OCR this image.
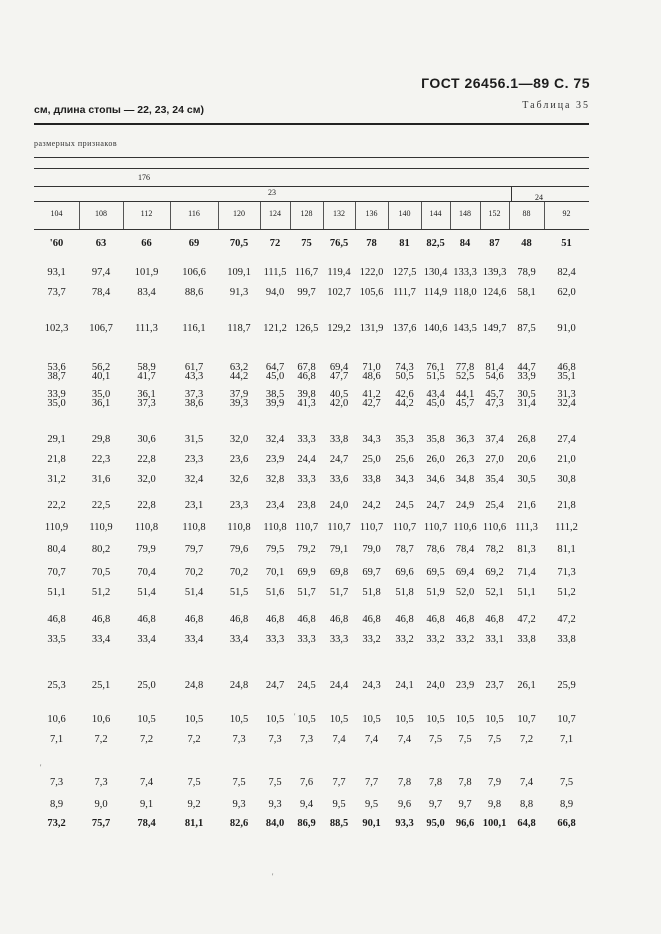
ГОСТ 26456.1—89 С. 75
Таблица 35
см, длина стопы — 22, 23, 24 см)
размерных признаков
176
23
24
104	108	112	116	120	124	128	132	136	140	144	148	152	88	92
'60	63	66	69	70,5	72	75	76,5	78	81	82,5	84	87	48	51
93,1	97,4	101,9	106,6	109,1	111,5 116,7 119,4 122,0 127,5 130,4 133,3 139,3	78,9	82,4
73,7	78,4	83,4	88,6	91,3	94,0	99,7	102,7 105,6 111,7 114,9 118,0 124,6	58,1	62,0
102,3	106,7	111,3	116,1	118,7	121,2 126,5 129,2 131,9 137,6 140,6 143,5 149,7	87,5	91,0
53,6	56,2	58,9	61,7	63,2	64,7	67,8	69,4	71,0	74,3	76,1	77,8	81,4	44,7	46,8
38,7	40,1	41,7	43,3	44,2	45,0	46,8	47,7	48,6	50,5	51,5	52,5	54,6	33,9	35,1
33,9	35,0	36,1	37,3	37,9	38,5	39,8	40,5	41,2	42,6	43,4	44,1	45,7	30,5	31,3
35,0	36,1	37,3	38,6	39,3	39,9	41,3	42,0	42,7	44,2	45,0	45,7	47,3	31,4	32,4
29,1	29,8	30,6	31,5	32,0	32,4	33,3	33,8	34,3	35,3	35,8	36,3	37,4	26,8	27,4
21,8	22,3	22,8	23,3	23,6	23,9	24,4	24,7	25,0	25,6	26,0	26,3	27,0	20,6	21,0
31,2	31,6	32,0	32,4	32,6	32,8	33,3	33,6	33,8	34,3	34,6	34,8	35,4	30,5	30,8
22,2	22,5	22,8	23,1	23,3	23,4	23,8	24,0	24,2	24,5	24,7	24,9	25,4	21,6	21,8
110,9	110,9	110,8	110,8	110,8	110,8 110,7 110,7 110,7 110,7 110,7 110,6 110,6 111,3	111,2
80,4	80,2	79,9	79,7	79,6	79,5	79,2	79,1	79,0	78,7	78,6	78,4	78,2	81,3	81,1
70,7	70,5	70,4	70,2	70,2	70,1	69,9	69,8	69,7	69,6	69,5	69,4	69,2	71,4	71,3
51,1	51,2	51,4	51,4	51,5	51,6	51,7	51,7	51,8	51,8	51,9	52,0	52,1	51,1	51,2
46,8	46,8	46,8	46,8	46,8	46,8	46,8	46,8	46,8	46,8	46,8	46,8	46,8	47,2	47,2
33,5	33,4	33,4	33,4	33,4	33,3	33,3	33,3	33,2	33,2	33,2	33,2	33,1	33,8	33,8
25,3	25,1	25,0	24,8	24,8	24,7	24,5	24,4	24,3	24,1	24,0	23,9	23,7	26,1	25,9
10,6	10,6	10,5	10,5	10,5	10,5	10,5	10,5	10,5	10,5	10,5	10,5	10,5	10,7	10,7
7,1	7,2	7,2	7,2	7,3	7,3	7,3	7,4	7,4	7,4	7,5	7,5	7,5	7,2	7,1
7,3	7,3	7,4	7,5	7,5	7,5	7,6	7,7	7,7	7,8	7,8	7,8	7,9	7,4	7,5
8,9	9,0	9,1	9,2	9,3	9,3	9,4	9,5	9,5	9,6	9,7	9,7	9,8	8,8	8,9
73,2	75,7	78,4	81,1	82,6	84,0	86,9	88,5	90,1	93,3	95,0	96,6 100,1	64,8	66,8
'
'
'
